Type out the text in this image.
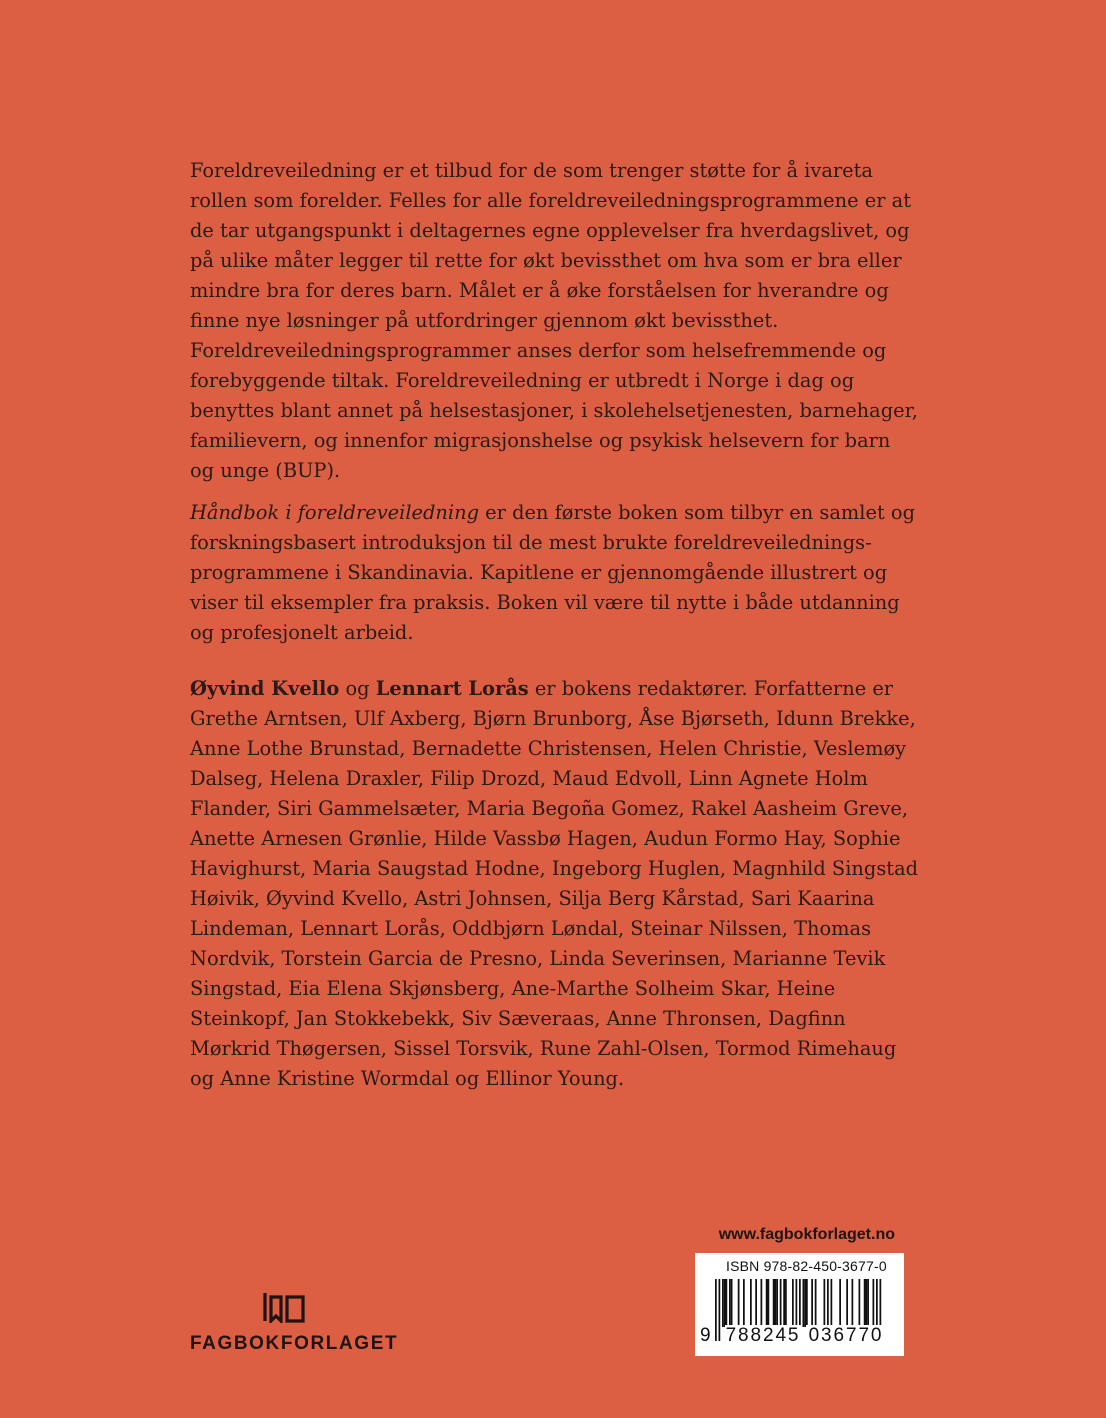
Foreldreveiledning er et tilbud for de som trenger støtte for å ivareta rollen som forelder. Felles for alle foreldreveiledningsprogrammene er at de tar utgangspunkt i deltagernes egne opplevelser fra hverdagslivet, og på ulike måter legger til rette for økt bevissthet om hva som er bra eller mindre bra for deres barn. Målet er å øke forståelsen for hverandre og finne nye løsninger på utfordringer gjennom økt bevissthet. Foreldreveiledningsprogrammer anses derfor som helsefremmende og forebyggende tiltak. Foreldreveiledning er utbredt i Norge i dag og benyttes blant annet på helsestasjoner, i skolehelsetjenesten, barnehager, familievern, og innenfor migrasjonshelse og psykisk helsevern for barn og unge (BUP).

Håndbok i foreldreveiledning er den første boken som tilbyr en samlet og forskningsbasert introduksjon til de mest brukte foreldreveiledningsprogrammene i Skandinavia. Kapitlene er gjennomgående illustrert og viser til eksempler fra praksis. Boken vil være til nytte i både utdanning og profesjonelt arbeid.

Øyvind Kvello og Lennart Lorås er bokens redaktører. Forfatterne er Grethe Arntsen, Ulf Axberg, Bjørn Brunborg, Åse Bjørseth, Idunn Brekke, Anne Lothe Brunstad, Bernadette Christensen, Helen Christie, Veslemøy Dalseg, Helena Draxler, Filip Drozd, Maud Edvoll, Linn Agnete Holm Flander, Siri Gammelsæter, Maria Begoña Gomez, Rakel Aasheim Greve, Anette Arnesen Grønlie, Hilde Vassbø Hagen, Audun Formo Hay, Sophie Havighurst, Maria Saugstad Hodne, Ingeborg Huglen, Magnhild Singstad Høivik, Øyvind Kvello, Astri Johnsen, Silja Berg Kårstad, Sari Kaarina Lindeman, Lennart Lorås, Oddbjørn Løndal, Steinar Nilssen, Thomas Nordvik, Torstein Garcia de Presno, Linda Severinsen, Marianne Tevik Singstad, Eia Elena Skjønsberg, Ane-Marthe Solheim Skar, Heine Steinkopf, Jan Stokkebekk, Siv Sæveraas, Anne Thronsen, Dagfinn Mørkrid Thøgersen, Sissel Torsvik, Rune Zahl-Olsen, Tormod Rimehaug og Anne Kristine Wormdal og Ellinor Young.

www.fagbokforlaget.no
ISBN 978-82-450-3677-0
9 788245 036770
FAGBOKFORLAGET
